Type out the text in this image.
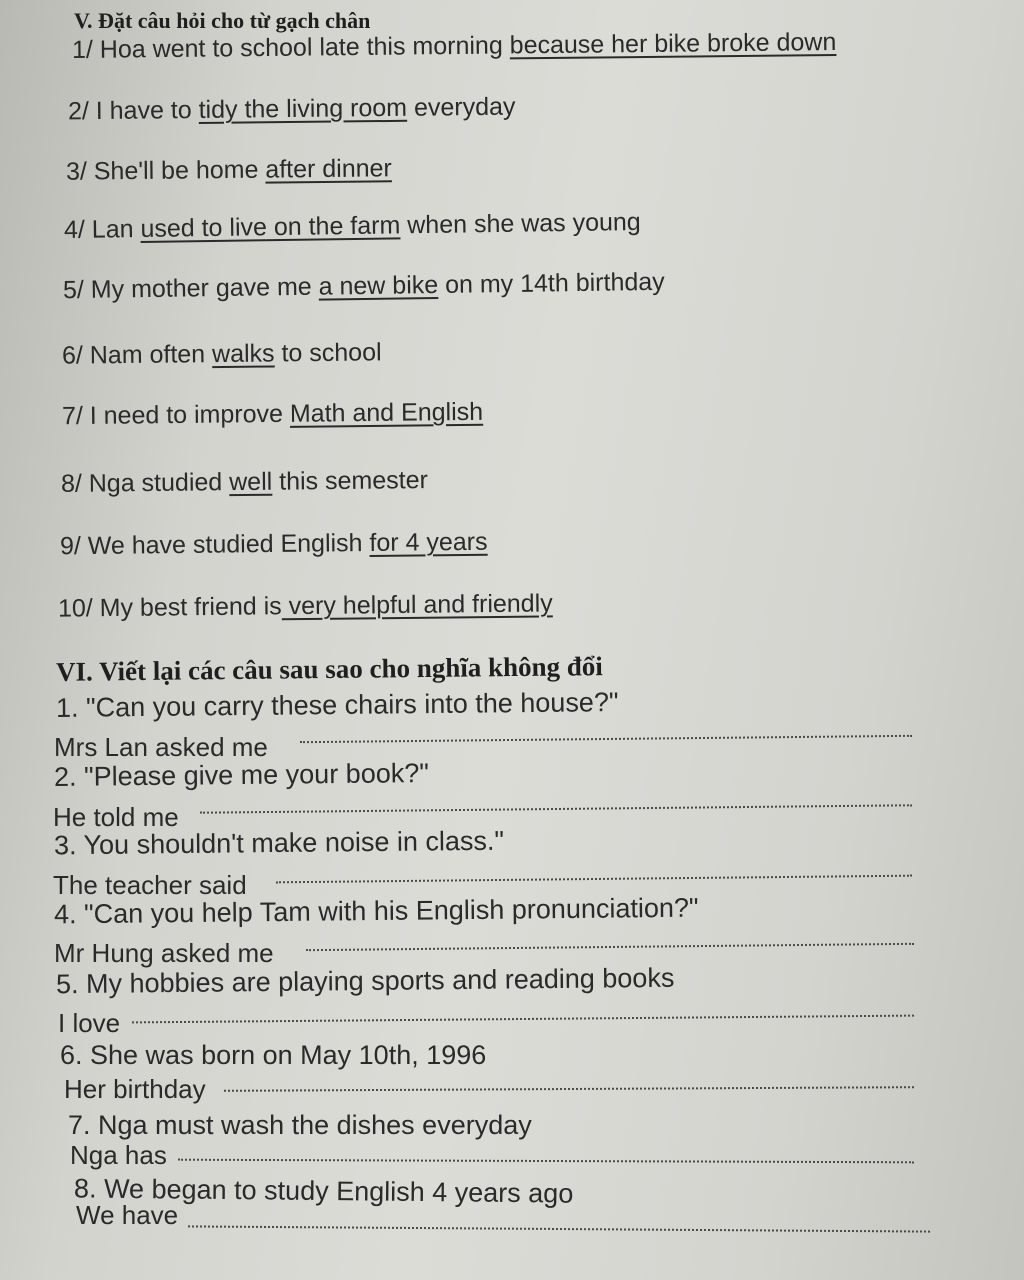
V. Đặt câu hỏi cho từ gạch chân
1/ Hoa went to school late this morning because her bike broke down
2/ I have to tidy the living room everyday
3/ She'll be home after dinner
4/ Lan used to live on the farm when she was young
5/ My mother gave me a new bike on my 14th birthday
6/ Nam often walks to school
7/ I need to improve Math and English
8/ Nga studied well this semester
9/ We have studied English for 4 years
10/ My best friend is very helpful and friendly
VI. Viết lại các câu sau sao cho nghĩa không đổi
1. "Can you carry these chairs into the house?"
Mrs Lan asked me
2. "Please give me your book?"
He told me
3. You shouldn't make noise in class."
The teacher said
4. "Can you help Tam with his English pronunciation?"
Mr Hung asked me
5. My hobbies are playing sports and reading books
I love
6. She was born on May 10th, 1996
Her birthday
7. Nga must wash the dishes everyday
Nga has
8. We began to study English 4 years ago
We have
